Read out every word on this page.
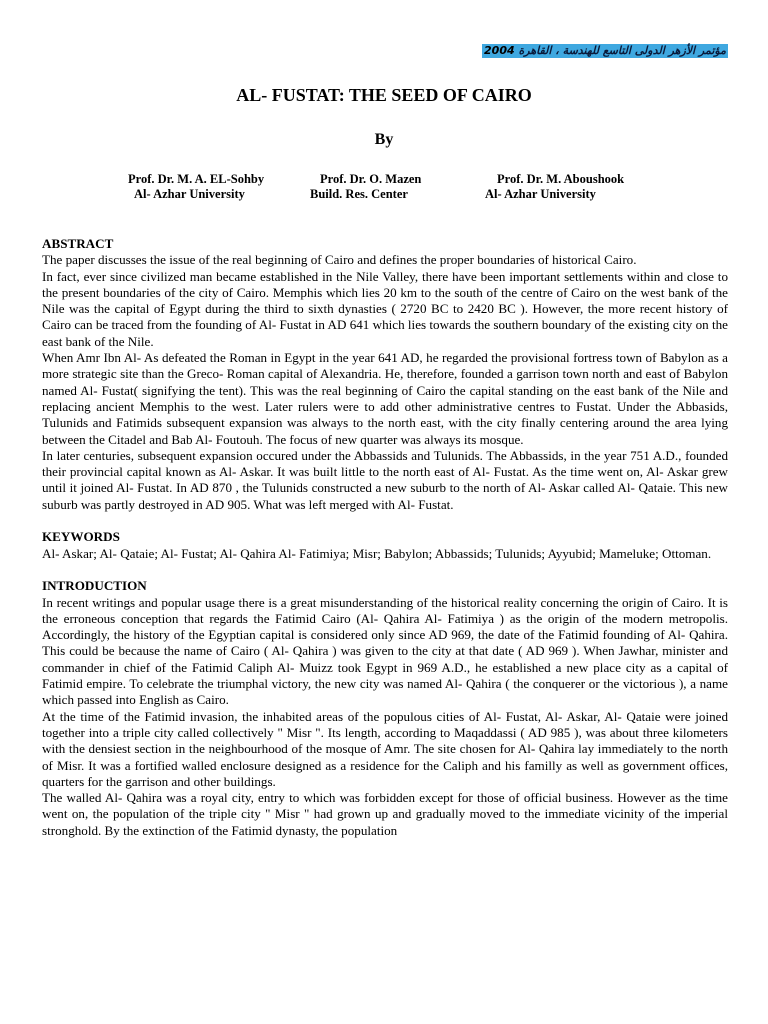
2004 مؤتمر الأزهر الدولى التاسع للهندسة ، القاهرة
AL- FUSTAT: THE SEED OF CAIRO
By
Prof. Dr. M. A. EL-Sohby
Al- Azhar University
Prof. Dr. O. Mazen
Build. Res. Center
Prof. Dr. M. Aboushook
Al- Azhar University

ABSTRACT

The paper discusses the issue of the real beginning of Cairo and defines the proper boundaries of historical Cairo.

In fact, ever since civilized man became established in the Nile Valley, there have been important settlements within and close to the present boundaries of the city of Cairo. Memphis which lies 20 km to the south of the centre of Cairo on the west bank of the Nile was the capital of Egypt during the third to sixth dynasties ( 2720 BC to 2420 BC ). However, the more recent history of Cairo can be traced from the founding of Al- Fustat in AD 641 which lies towards the southern boundary of the existing city on the east bank of the Nile.

When Amr Ibn Al- As defeated the Roman in Egypt in the year 641 AD, he regarded the provisional fortress town of Babylon as a more strategic site than the Greco- Roman capital of Alexandria. He, therefore, founded a garrison town north and east of Babylon named Al- Fustat( signifying the tent). This was the real beginning of Cairo the capital standing on the east bank of the Nile and replacing ancient Memphis to the west. Later rulers were to add other administrative centres to Fustat. Under the Abbasids, Tulunids and Fatimids subsequent expansion was always to the north east, with the city finally centering around the area lying between the Citadel and Bab Al- Foutouh. The focus of new quarter was always its mosque.

In later centuries, subsequent expansion occured under the Abbassids and Tulunids. The Abbassids, in the year 751 A.D., founded their provincial capital known as Al- Askar. It was built little to the north east of Al- Fustat. As the time went on, Al- Askar grew until it joined Al- Fustat. In AD 870 , the Tulunids constructed a new suburb to the north of Al- Askar called Al- Qataie. This new suburb was partly destroyed in AD 905. What was left merged with Al- Fustat.

KEYWORDS

Al- Askar; Al- Qataie; Al- Fustat; Al- Qahira Al- Fatimiya; Misr; Babylon; Abbassids; Tulunids; Ayyubid; Mameluke; Ottoman.

INTRODUCTION

In recent writings and popular usage there is a great misunderstanding of the historical reality concerning the origin of Cairo. It is the erroneous conception that regards the Fatimid Cairo (Al- Qahira Al- Fatimiya ) as the origin of the modern metropolis. Accordingly, the history of the Egyptian capital is considered only since AD 969, the date of the Fatimid founding of Al- Qahira. This could be because the name of Cairo ( Al- Qahira ) was given to the city at that date ( AD 969 ). When Jawhar, minister and commander in chief of the Fatimid Caliph Al- Muizz took Egypt in 969 A.D., he established a new place city as a capital of Fatimid empire. To celebrate the triumphal victory, the new city was named Al- Qahira ( the conquerer or the victorious ), a name which passed into English as Cairo.

At the time of the Fatimid invasion, the inhabited areas of the populous cities of Al- Fustat, Al- Askar, Al- Qataie were joined together into a triple city called collectively " Misr ". Its length, according to Maqaddassi ( AD 985 ), was about three kilometers with the densiest section in the neighbourhood of the mosque of Amr. The site chosen for Al- Qahira lay immediately to the north of Misr. It was a fortified walled enclosure designed as a residence for the Caliph and his familly as well as government offices, quarters for the garrison and other buildings.

The walled Al- Qahira was a royal city, entry to which was forbidden except for those of official business. However as the time went on, the population of the triple city " Misr " had grown up and gradually moved to the immediate vicinity of the imperial stronghold. By the extinction of the Fatimid dynasty, the population
